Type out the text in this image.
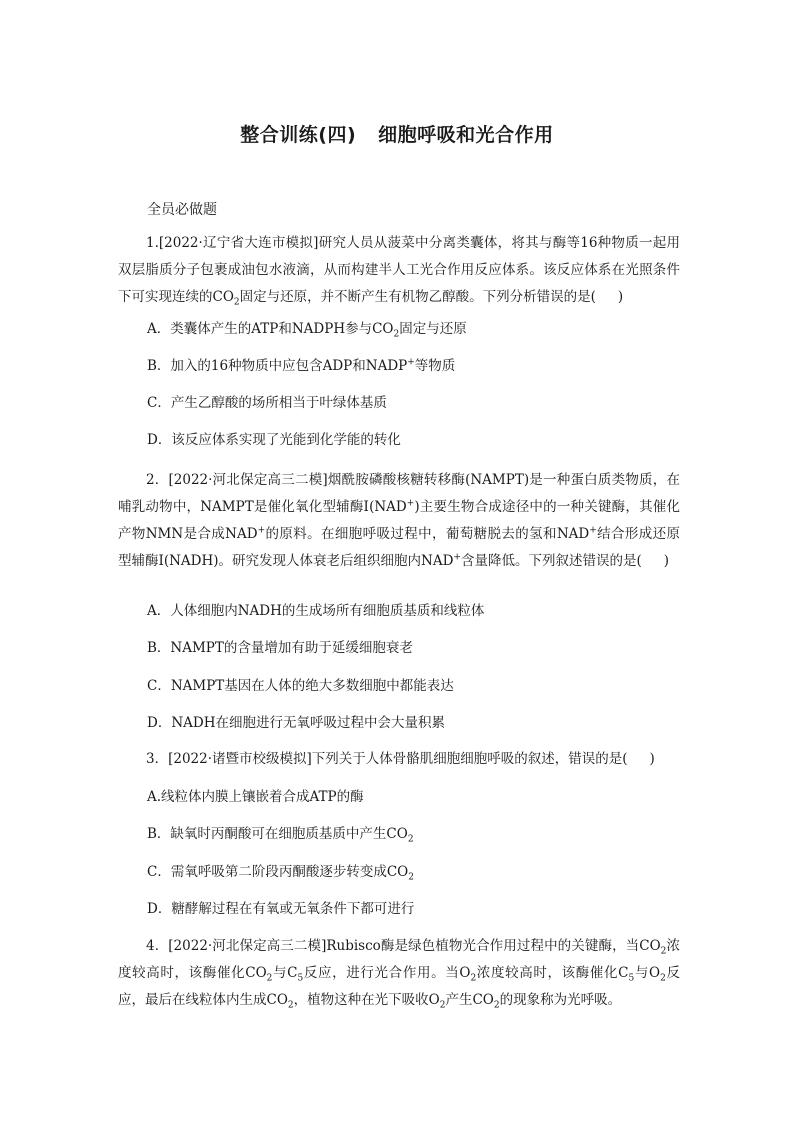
整合训练(四) 细胞呼吸和光合作用
全员必做题
1.[2022·辽宁省大连市模拟]研究人员从菠菜中分离类囊体，将其与酶等16种物质一起用双层脂质分子包裹成油包水液滴，从而构建半人工光合作用反应体系。该反应体系在光照条件下可实现连续的$CO_2$固定与还原，并不断产生有机物乙醇酸。下列分析错误的是( )
A．类囊体产生的ATP和NADPH参与$CO_2$固定与还原
B．加入的16种物质中应包含ADP和NADP+等物质
C．产生乙醇酸的场所相当于叶绿体基质
D．该反应体系实现了光能到化学能的转化
2．[2022·河北保定高三二模]烟酰胺磷酸核糖转移酶(NAMPT)是一种蛋白质类物质，在哺乳动物中，NAMPT是催化氧化型辅酶Ⅰ(NAD+)主要生物合成途径中的一种关键酶，其催化产物NMN是合成NAD+的原料。在细胞呼吸过程中，葡萄糖脱去的氢和NAD+结合形成还原型辅酶Ⅰ(NADH)。研究发现人体衰老后组织细胞内NAD+含量降低。下列叙述错误的是( )
A．人体细胞内NADH的生成场所有细胞质基质和线粒体
B．NAMPT的含量增加有助于延缓细胞衰老
C．NAMPT基因在人体的绝大多数细胞中都能表达
D．NADH在细胞进行无氧呼吸过程中会大量积累
3．[2022·诸暨市校级模拟]下列关于人体骨骼肌细胞细胞呼吸的叙述，错误的是( )
A.线粒体内膜上镶嵌着合成ATP的酶
B．缺氧时丙酮酸可在细胞质基质中产生$CO_2$
C．需氧呼吸第二阶段丙酮酸逐步转变成$CO_2$
D．糖酵解过程在有氧或无氧条件下都可进行
4．[2022·河北保定高三二模]Rubisco酶是绿色植物光合作用过程中的关键酶，当$CO_2$浓度较高时，该酶催化$CO_2$与$C_5$反应，进行光合作用。当$O_2$浓度较高时，该酶催化$C_5$与$O_2$反应，最后在线粒体内生成$CO_2$，植物这种在光下吸收$O_2$产生$CO_2$的现象称为光呼吸。
